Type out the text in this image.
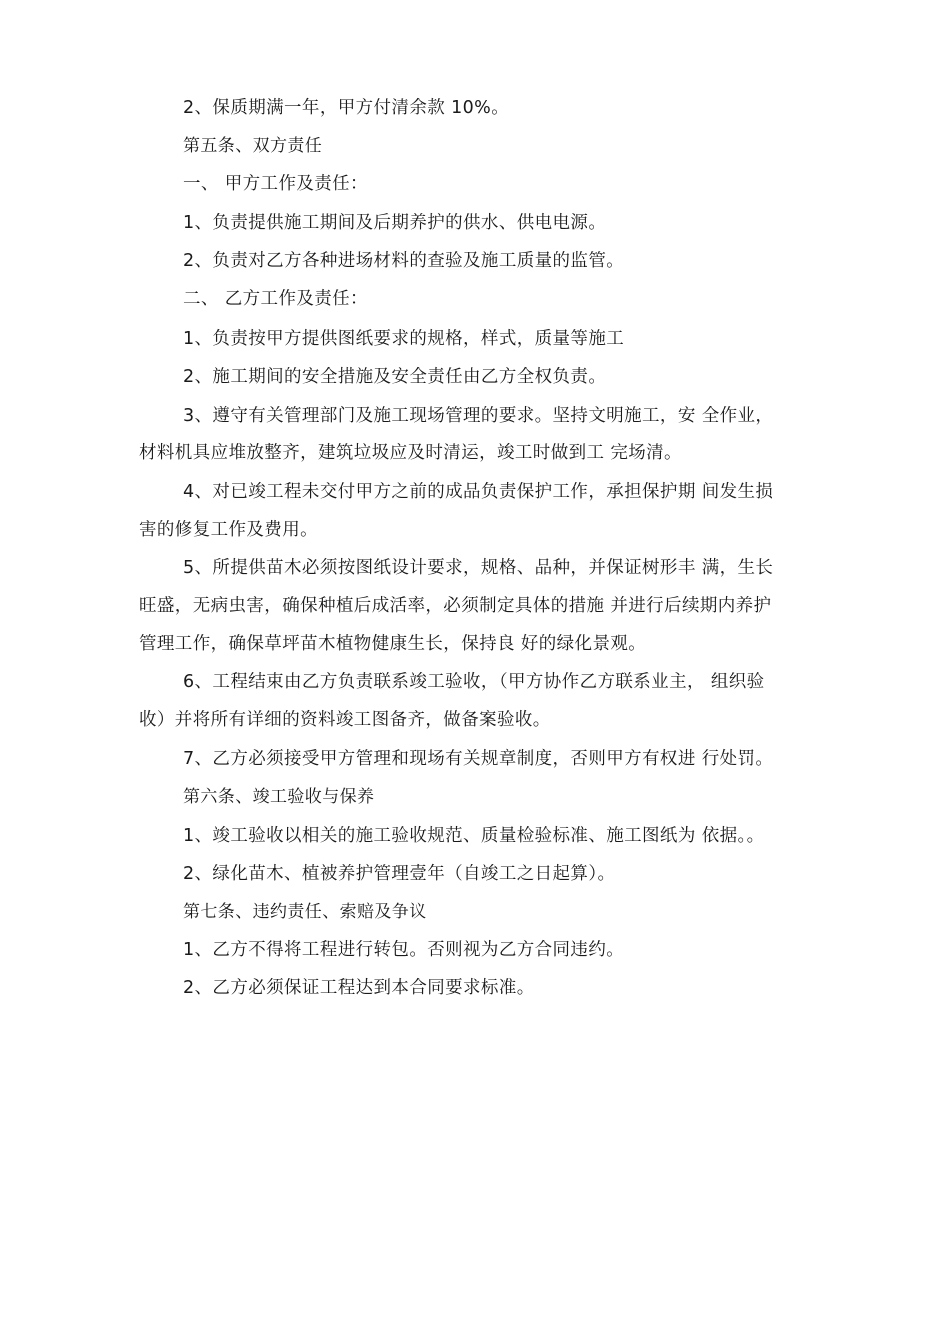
2、保质期满一年，甲方付清余款 10%。
第五条、双方责任
一、 甲方工作及责任：
1、负责提供施工期间及后期养护的供水、供电电源。
2、负责对乙方各种进场材料的查验及施工质量的监管。
二、 乙方工作及责任：
1、负责按甲方提供图纸要求的规格，样式，质量等施工
2、施工期间的安全措施及安全责任由乙方全权负责。
3、遵守有关管理部门及施工现场管理的要求。坚持文明施工，安 全作业，
材料机具应堆放整齐，建筑垃圾应及时清运，竣工时做到工 完场清。
4、对已竣工程未交付甲方之前的成品负责保护工作，承担保护期 间发生损
害的修复工作及费用。
5、所提供苗木必须按图纸设计要求，规格、品种，并保证树形丰 满，生长
旺盛，无病虫害，确保种植后成活率，必须制定具体的措施 并进行后续期内养护
管理工作，确保草坪苗木植物健康生长，保持良 好的绿化景观。
6、工程结束由乙方负责联系竣工验收，（甲方协作乙方联系业主， 组织验
收）并将所有详细的资料竣工图备齐，做备案验收。
7、乙方必须接受甲方管理和现场有关规章制度，否则甲方有权进 行处罚。
第六条、竣工验收与保养
1、竣工验收以相关的施工验收规范、质量检验标准、施工图纸为 依据。。
2、绿化苗木、植被养护管理壹年（自竣工之日起算）。
第七条、违约责任、索赔及争议
1、乙方不得将工程进行转包。否则视为乙方合同违约。
2、乙方必须保证工程达到本合同要求标准。
